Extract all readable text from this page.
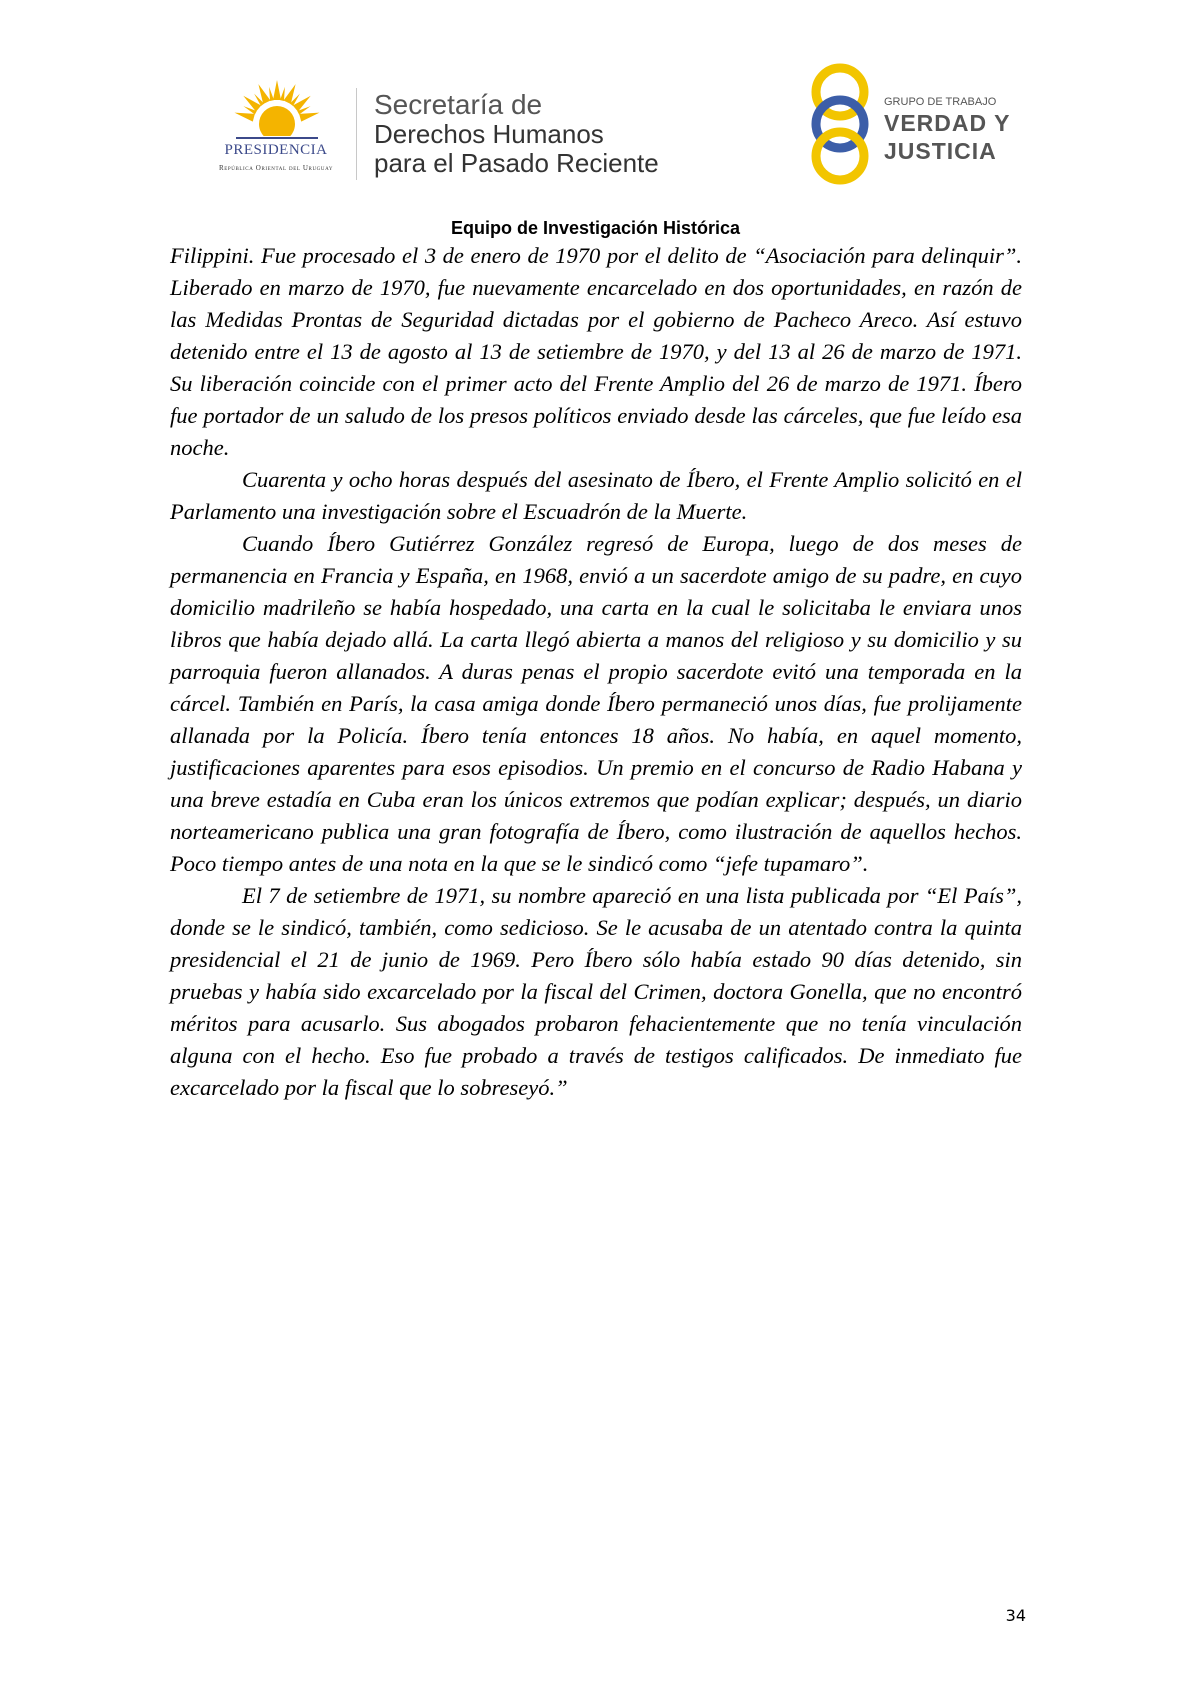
PRESIDENCIA
República Oriental del Uruguay
Secretaría de
Derechos Humanos
para el Pasado Reciente
GRUPO DE TRABAJO
VERDAD Y
JUSTICIA
Equipo de Investigación Histórica

Filippini. Fue procesado el 3 de enero de 1970 por el delito de “Asociación para delinquir”. Liberado en marzo de 1970, fue nuevamente encarcelado en dos oportunidades, en razón de las Medidas Prontas de Seguridad dictadas por el gobierno de Pacheco Areco. Así estuvo detenido entre el 13 de agosto al 13 de setiembre de 1970, y del 13 al 26 de marzo de 1971. Su liberación coincide con el primer acto del Frente Amplio del 26 de marzo de 1971. Íbero fue portador de un saludo de los presos políticos enviado desde las cárceles, que fue leído esa noche.

Cuarenta y ocho horas después del asesinato de Íbero, el Frente Amplio solicitó en el Parlamento una investigación sobre el Escuadrón de la Muerte.

Cuando Íbero Gutiérrez González regresó de Europa, luego de dos meses de permanencia en Francia y España, en 1968, envió a un sacerdote amigo de su padre, en cuyo domicilio madrileño se había hospedado, una carta en la cual le solicitaba le enviara unos libros que había dejado allá. La carta llegó abierta a manos del religioso y su domicilio y su parroquia fueron allanados. A duras penas el propio sacerdote evitó una temporada en la cárcel. También en París, la casa amiga donde Íbero permaneció unos días, fue prolijamente allanada por la Policía. Íbero tenía entonces 18 años. No había, en aquel momento, justificaciones aparentes para esos episodios. Un premio en el concurso de Radio Habana y una breve estadía en Cuba eran los únicos extremos que podían explicar; después, un diario norteamericano publica una gran fotografía de Íbero, como ilustración de aquellos hechos. Poco tiempo antes de una nota en la que se le sindicó como “jefe tupamaro”.

El 7 de setiembre de 1971, su nombre apareció en una lista publicada por “El País”, donde se le sindicó, también, como sedicioso. Se le acusaba de un atentado contra la quinta presidencial el 21 de junio de 1969. Pero Íbero sólo había estado 90 días detenido, sin pruebas y había sido excarcelado por la fiscal del Crimen, doctora Gonella, que no encontró méritos para acusarlo. Sus abogados probaron fehacientemente que no tenía vinculación alguna con el hecho. Eso fue probado a través de testigos calificados. De inmediato fue excarcelado por la fiscal que lo sobreseyó.”

34
